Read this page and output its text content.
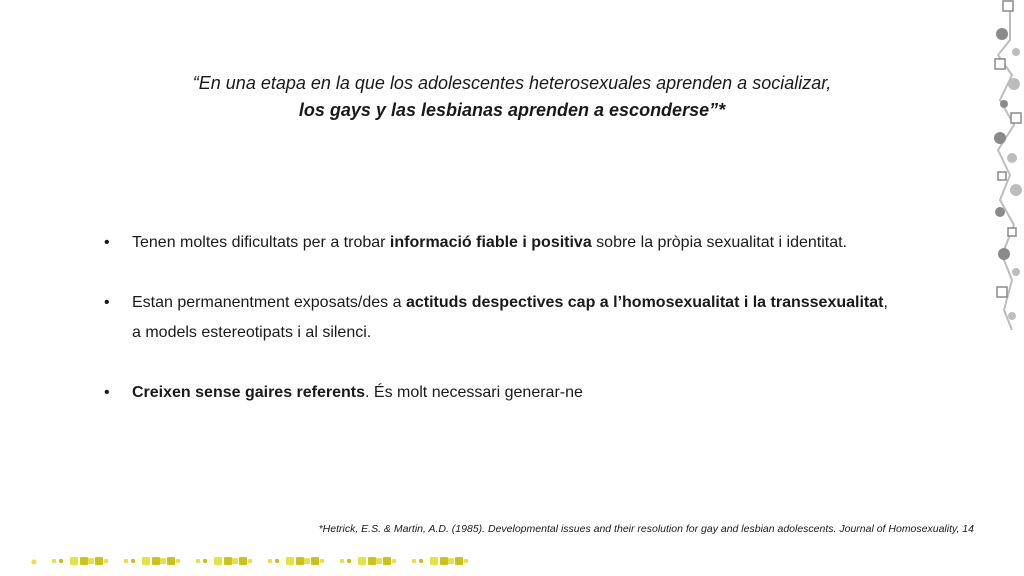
“En una etapa en la que los adolescentes heterosexuales aprenden a socializar,
los gays y las lesbianas aprenden a esconderse”*
• Tenen moltes dificultats per a trobar informació fiable i positiva sobre la pròpia sexualitat i identitat.
• Estan permanentment exposats/des a actituds despectives cap a l’homosexualitat i la transsexualitat,
a models estereotipats i al silenci.
• Creixen sense gaires referents. És molt necessari generar-ne
*Hetrick, E.S. & Martin, A.D. (1985). Developmental issues and their resolution for gay and lesbian adolescents. Journal of Homosexuality, 14
